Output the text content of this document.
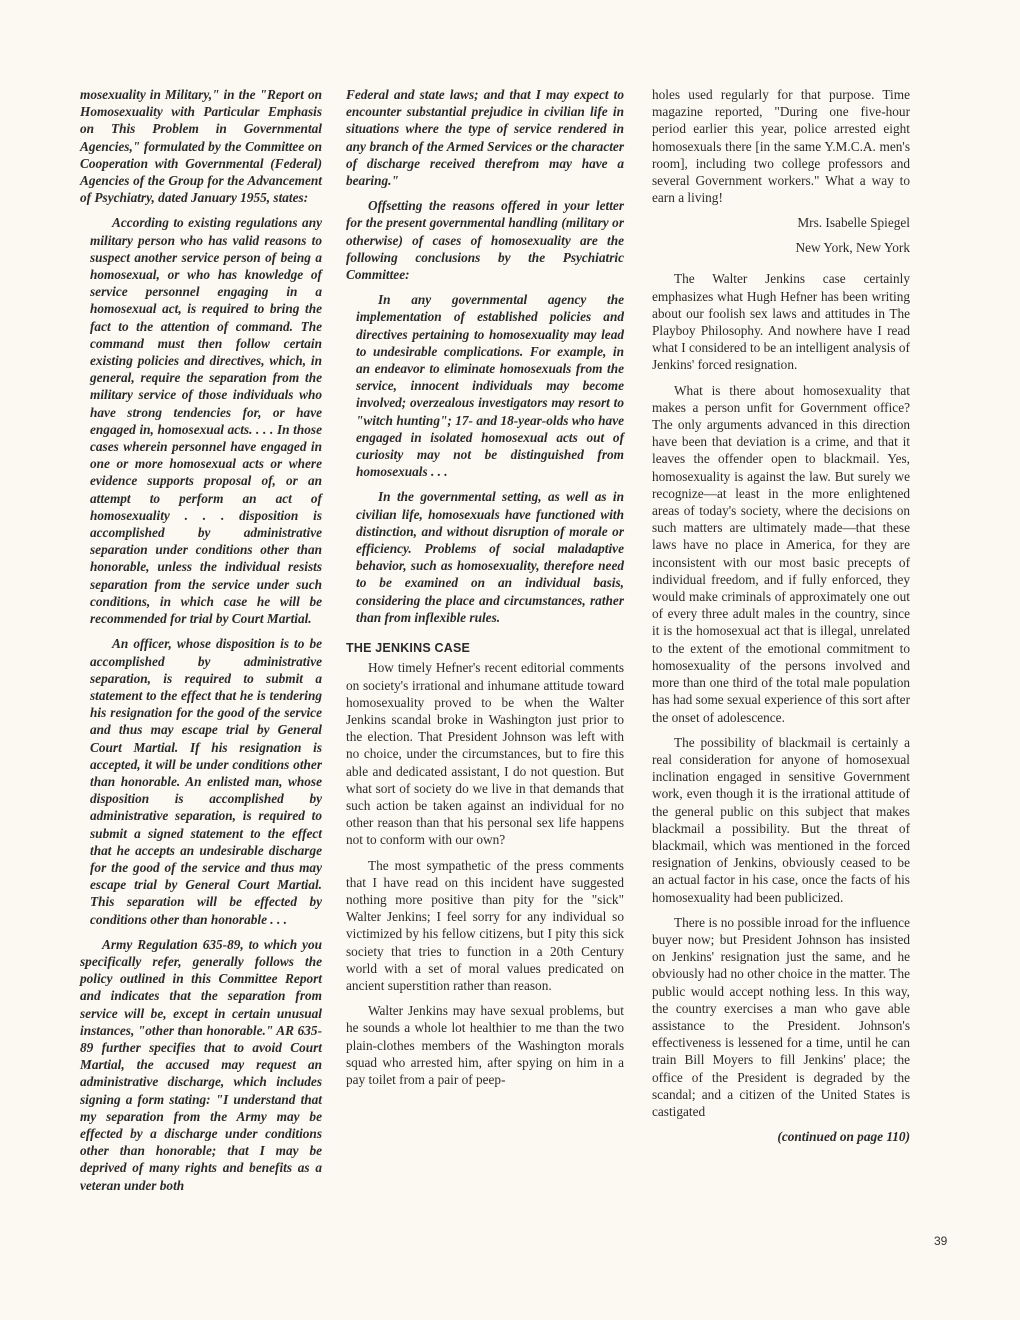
mosexuality in Military," in the "Report on Homosexuality with Particular Emphasis on This Problem in Governmental Agencies," formulated by the Committee on Cooperation with Governmental (Federal) Agencies of the Group for the Advancement of Psychiatry, dated January 1955, states:

According to existing regulations any military person who has valid reasons to suspect another service person of being a homosexual, or who has knowledge of service personnel engaging in a homosexual act, is required to bring the fact to the attention of command. The command must then follow certain existing policies and directives, which, in general, require the separation from the military service of those individuals who have strong tendencies for, or have engaged in, homosexual acts. . . . In those cases wherein personnel have engaged in one or more homosexual acts or where evidence supports proposal of, or an attempt to perform an act of homosexuality . . . disposition is accomplished by administrative separation under conditions other than honorable, unless the individual resists separation from the service under such conditions, in which case he will be recommended for trial by Court Martial.

An officer, whose disposition is to be accomplished by administrative separation, is required to submit a statement to the effect that he is tendering his resignation for the good of the service and thus may escape trial by General Court Martial. If his resignation is accepted, it will be under conditions other than honorable. An enlisted man, whose disposition is accomplished by administrative separation, is required to submit a signed statement to the effect that he accepts an undesirable discharge for the good of the service and thus may escape trial by General Court Martial. This separation will be effected by conditions other than honorable . . .

Army Regulation 635-89, to which you specifically refer, generally follows the policy outlined in this Committee Report and indicates that the separation from service will be, except in certain unusual instances, "other than honorable." AR 635-89 further specifies that to avoid Court Martial, the accused may request an administrative discharge, which includes signing a form stating: "I understand that my separation from the Army may be effected by a discharge under conditions other than honorable; that I may be deprived of many rights and benefits as a veteran under both

Federal and state laws; and that I may expect to encounter substantial prejudice in civilian life in situations where the type of service rendered in any branch of the Armed Services or the character of discharge received therefrom may have a bearing."

Offsetting the reasons offered in your letter for the present governmental handling (military or otherwise) of cases of homosexuality are the following conclusions by the Psychiatric Committee:

In any governmental agency the implementation of established policies and directives pertaining to homosexuality may lead to undesirable complications. For example, in an endeavor to eliminate homosexuals from the service, innocent individuals may become involved; overzealous investigators may resort to "witch hunting"; 17- and 18-year-olds who have engaged in isolated homosexual acts out of curiosity may not be distinguished from homosexuals . . .

In the governmental setting, as well as in civilian life, homosexuals have functioned with distinction, and without disruption of morale or efficiency. Problems of social maladaptive behavior, such as homosexuality, therefore need to be examined on an individual basis, considering the place and circumstances, rather than from inflexible rules.

THE JENKINS CASE

How timely Hefner's recent editorial comments on society's irrational and inhumane attitude toward homosexuality proved to be when the Walter Jenkins scandal broke in Washington just prior to the election. That President Johnson was left with no choice, under the circumstances, but to fire this able and dedicated assistant, I do not question. But what sort of society do we live in that demands that such action be taken against an individual for no other reason than that his personal sex life happens not to conform with our own?

The most sympathetic of the press comments that I have read on this incident have suggested nothing more positive than pity for the "sick" Walter Jenkins; I feel sorry for any individual so victimized by his fellow citizens, but I pity this sick society that tries to function in a 20th Century world with a set of moral values predicated on ancient superstition rather than reason.

Walter Jenkins may have sexual problems, but he sounds a whole lot healthier to me than the two plain-clothes members of the Washington morals squad who arrested him, after spying on him in a pay toilet from a pair of peep-

holes used regularly for that purpose. Time magazine reported, "During one five-hour period earlier this year, police arrested eight homosexuals there [in the same Y.M.C.A. men's room], including two college professors and several Government workers." What a way to earn a living!

Mrs. Isabelle Spiegel

New York, New York

The Walter Jenkins case certainly emphasizes what Hugh Hefner has been writing about our foolish sex laws and attitudes in The Playboy Philosophy. And nowhere have I read what I considered to be an intelligent analysis of Jenkins' forced resignation.

What is there about homosexuality that makes a person unfit for Government office? The only arguments advanced in this direction have been that deviation is a crime, and that it leaves the offender open to blackmail. Yes, homosexuality is against the law. But surely we recognize—at least in the more enlightened areas of today's society, where the decisions on such matters are ultimately made—that these laws have no place in America, for they are inconsistent with our most basic precepts of individual freedom, and if fully enforced, they would make criminals of approximately one out of every three adult males in the country, since it is the homosexual act that is illegal, unrelated to the extent of the emotional commitment to homosexuality of the persons involved and more than one third of the total male population has had some sexual experience of this sort after the onset of adolescence.

The possibility of blackmail is certainly a real consideration for anyone of homosexual inclination engaged in sensitive Government work, even though it is the irrational attitude of the general public on this subject that makes blackmail a possibility. But the threat of blackmail, which was mentioned in the forced resignation of Jenkins, obviously ceased to be an actual factor in his case, once the facts of his homosexuality had been publicized.

There is no possible inroad for the influence buyer now; but President Johnson has insisted on Jenkins' resignation just the same, and he obviously had no other choice in the matter. The public would accept nothing less. In this way, the country exercises a man who gave able assistance to the President. Johnson's effectiveness is lessened for a time, until he can train Bill Moyers to fill Jenkins' place; the office of the President is degraded by the scandal; and a citizen of the United States is castigated

(continued on page 110)
39
